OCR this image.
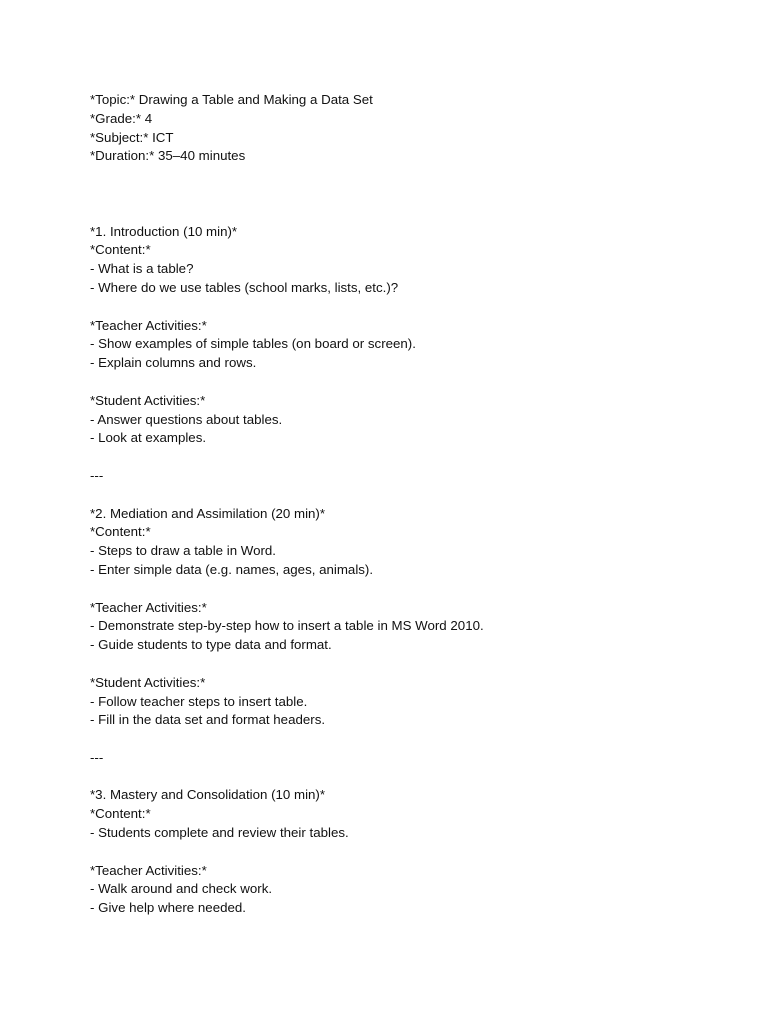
*Topic:* Drawing a Table and Making a Data Set
*Grade:* 4
*Subject:* ICT
*Duration:* 35–40 minutes
*1. Introduction (10 min)*
*Content:*
- What is a table?
- Where do we use tables (school marks, lists, etc.)?
*Teacher Activities:*
- Show examples of simple tables (on board or screen).
- Explain columns and rows.
*Student Activities:*
- Answer questions about tables.
- Look at examples.
---
*2. Mediation and Assimilation (20 min)*
*Content:*
- Steps to draw a table in Word.
- Enter simple data (e.g. names, ages, animals).
*Teacher Activities:*
- Demonstrate step-by-step how to insert a table in MS Word 2010.
- Guide students to type data and format.
*Student Activities:*
- Follow teacher steps to insert table.
- Fill in the data set and format headers.
---
*3. Mastery and Consolidation (10 min)*
*Content:*
- Students complete and review their tables.
*Teacher Activities:*
- Walk around and check work.
- Give help where needed.
